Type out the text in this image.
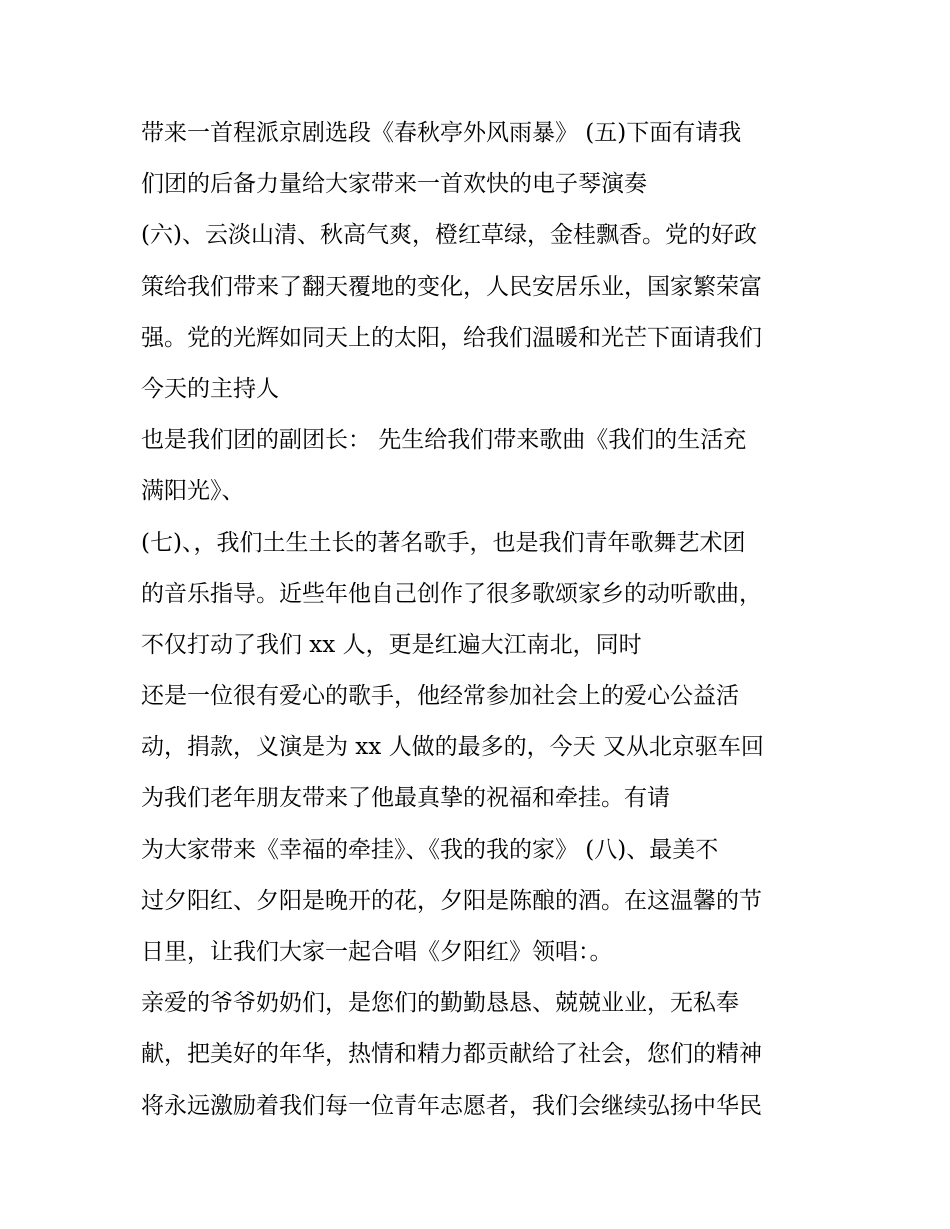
带来一首程派京剧选段《春秋亭外风雨暴》 (五)下面有请我
们团的后备力量给大家带来一首欢快的电子琴演奏
(六)、云淡山清、秋高气爽，橙红草绿，金桂飘香。党的好政
策给我们带来了翻天覆地的变化，人民安居乐业，国家繁荣富
强。党的光辉如同天上的太阳，给我们温暖和光芒下面请我们
今天的主持人
也是我们团的副团长： 先生给我们带来歌曲《我们的生活充
满阳光》、
(七)、，我们土生土长的著名歌手，也是我们青年歌舞艺术团
的音乐指导。近些年他自己创作了很多歌颂家乡的动听歌曲，
不仅打动了我们 xx 人，更是红遍大江南北，同时
还是一位很有爱心的歌手，他经常参加社会上的爱心公益活
动，捐款，义演是为 xx 人做的最多的，今天 又从北京驱车回
为我们老年朋友带来了他最真挚的祝福和牵挂。有请
为大家带来《幸福的牵挂》、《我的我的家》 (八)、最美不
过夕阳红、夕阳是晚开的花，夕阳是陈酿的酒。在这温馨的节
日里，让我们大家一起合唱《夕阳红》领唱：。
亲爱的爷爷奶奶们，是您们的勤勤恳恳、兢兢业业，无私奉
献，把美好的年华，热情和精力都贡献给了社会，您们的精神
将永远激励着我们每一位青年志愿者，我们会继续弘扬中华民
